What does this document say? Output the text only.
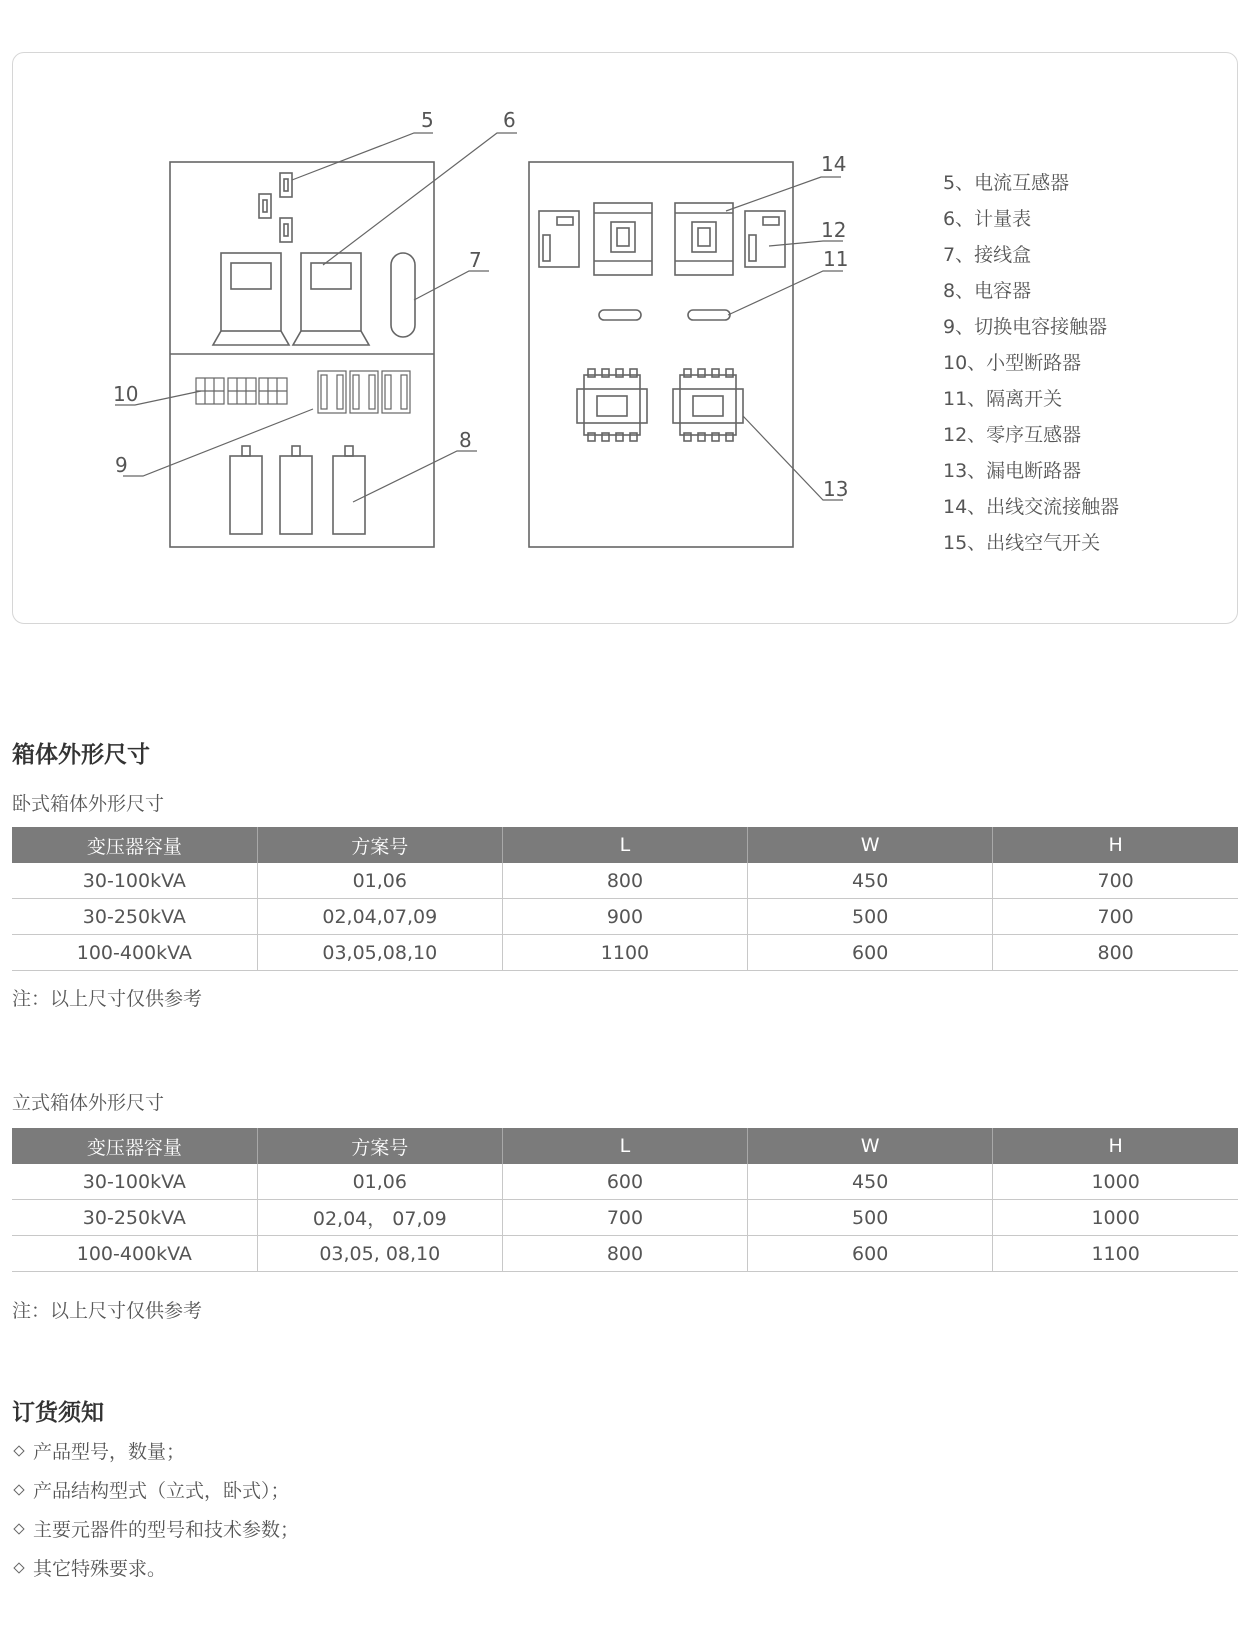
5	6
7
8
9
10
11
12
13
14
5、电流互感器
6、计量表
7、接线盒
8、电容器
9、切换电容接触器
10、小型断路器
11、隔离开关
12、零序互感器
13、漏电断路器
14、出线交流接触器
15、出线空气开关
箱体外形尺寸
卧式箱体外形尺寸
变压器容量	方案号	L	W	H
30-100kVA	01,06	800	450	700
30-250kVA	02,04,07,09	900	500	700
100-400kVA	03,05,08,10	1100	600	800
注：以上尺寸仅供参考
立式箱体外形尺寸
变压器容量	方案号	L	W	H
30-100kVA	01,06	600	450	1000
30-250kVA	02,04， 07,09	700	500	1000
100-400kVA	03,05, 08,10	800	600	1100
注：以上尺寸仅供参考
订货须知
产品型号，数量；
产品结构型式（立式，卧式）；
主要元器件的型号和技术参数；
其它特殊要求。
